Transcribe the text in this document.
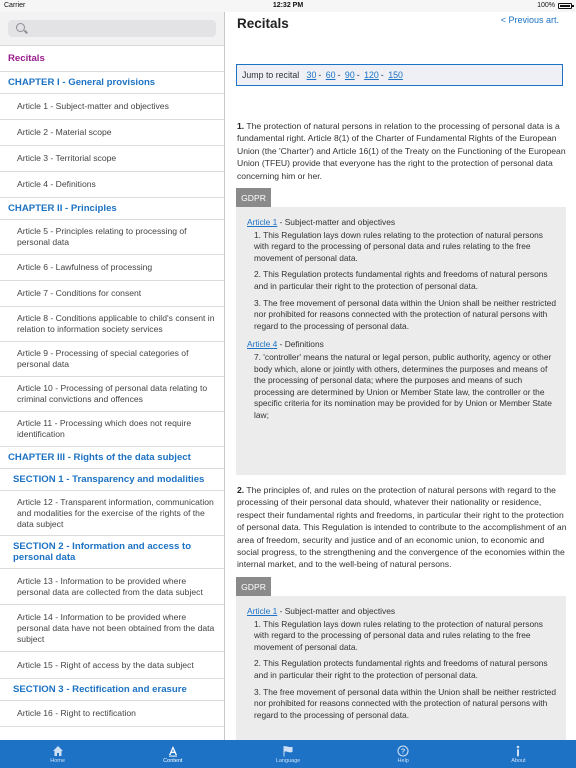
Carrier	12:32 PM	100%
Recitals
CHAPTER I - General provisions
Article 1 - Subject-matter and objectives
Article 2 - Material scope
Article 3 - Territorial scope
Article 4 - Definitions
CHAPTER II - Principles
Article 5 - Principles relating to processing of personal data
Article 6 - Lawfulness of processing
Article 7 - Conditions for consent
Article 8 - Conditions applicable to child's consent in relation to information society services
Article 9 - Processing of special categories of personal data
Article 10 - Processing of personal data relating to criminal convictions and offences
Article 11 - Processing which does not require identification
CHAPTER III - Rights of the data subject
SECTION 1 - Transparency and modalities
Article 12 - Transparent information, communication and modalities for the exercise of the rights of the data subject
SECTION 2 - Information and access to personal data
Article 13 - Information to be provided where personal data are collected from the data subject
Article 14 - Information to be provided where personal data have not been obtained from the data subject
Article 15 - Right of access by the data subject
SECTION 3 - Rectification and erasure
Article 16 - Right to rectification
Recitals	< Previous art.
Jump to recital 30 - 60 - 90 - 120 - 150
1. The protection of natural persons in relation to the processing of personal data is a fundamental right. Article 8(1) of the Charter of Fundamental Rights of the European Union (the 'Charter') and Article 16(1) of the Treaty on the Functioning of the European Union (TFEU) provide that everyone has the right to the protection of personal data concerning him or her.
GDPR
Article 1 - Subject-matter and objectives
1. This Regulation lays down rules relating to the protection of natural persons with regard to the processing of personal data and rules relating to the free movement of personal data.
2. This Regulation protects fundamental rights and freedoms of natural persons and in particular their right to the protection of personal data.
3. The free movement of personal data within the Union shall be neither restricted nor prohibited for reasons connected with the protection of natural persons with regard to the processing of personal data.
Article 4 - Definitions
7. 'controller' means the natural or legal person, public authority, agency or other body which, alone or jointly with others, determines the purposes and means of the processing of personal data; where the purposes and means of such processing are determined by Union or Member State law, the controller or the specific criteria for its nomination may be provided for by Union or Member State law;
2. The principles of, and rules on the protection of natural persons with regard to the processing of their personal data should, whatever their nationality or residence, respect their fundamental rights and freedoms, in particular their right to the protection of personal data. This Regulation is intended to contribute to the accomplishment of an area of freedom, security and justice and of an economic union, to economic and social progress, to the strengthening and the convergence of the economies within the internal market, and to the well-being of natural persons.
GDPR
Article 1 - Subject-matter and objectives
1. This Regulation lays down rules relating to the protection of natural persons with regard to the processing of personal data and rules relating to the free movement of personal data.
2. This Regulation protects fundamental rights and freedoms of natural persons and in particular their right to the protection of personal data.
3. The free movement of personal data within the Union shall be neither restricted nor prohibited for reasons connected with the protection of natural persons with regard to the processing of personal data.
Home	Content	Language
?
Help	About
